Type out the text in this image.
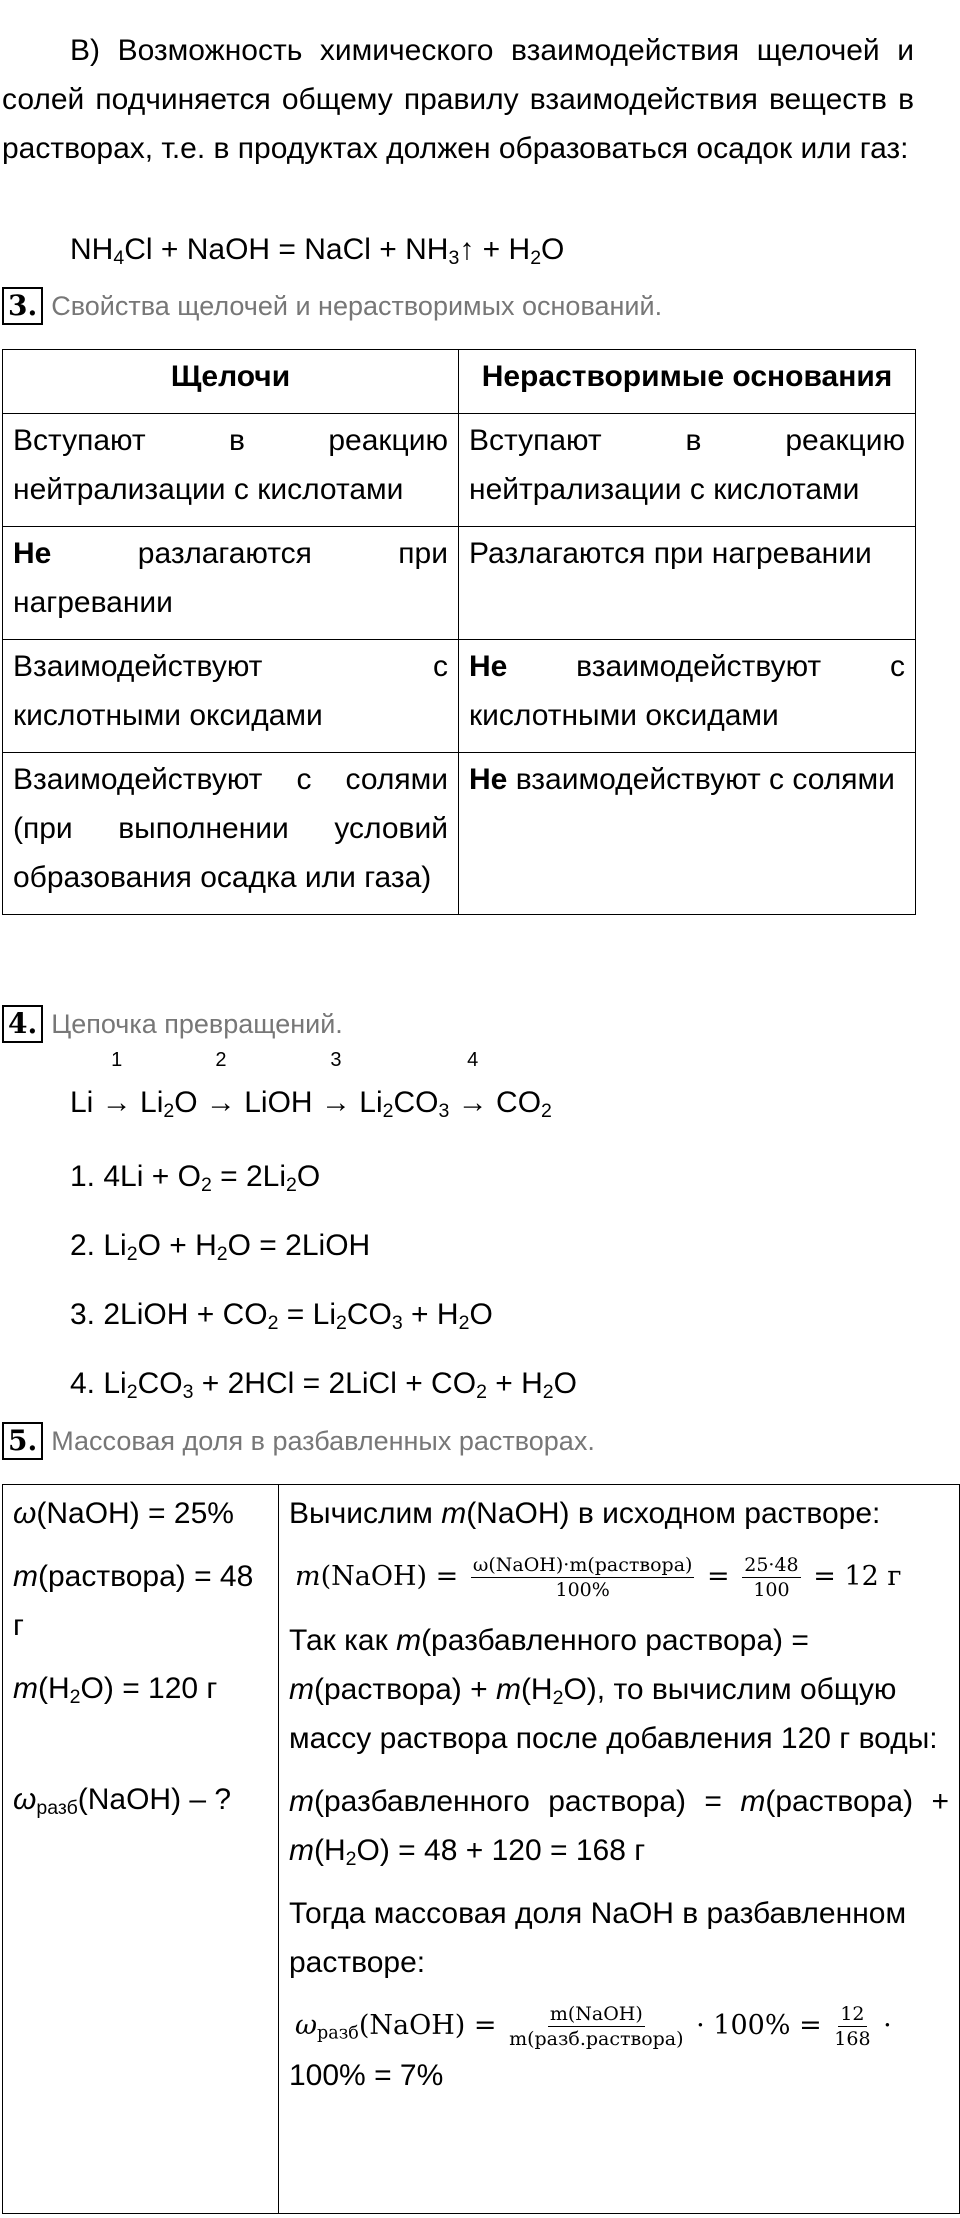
В) Возможность химического взаимодействия щелочей и солей подчиняется общему правилу взаимодействия веществ в растворах, т.е. в продуктах должен образоваться осадок или газ:
$NH_4Cl$ + NaOH = NaCl + $NH_3↑ + H_2O$
3. Свойства щелочей и нерастворимых оснований.
Щелочи	Нерастворимые основания
Вступают в реакцию нейтрализации с кислотами	Вступают в реакцию нейтрализации с кислотами
Не разлагаются при нагревании	Разлагаются при нагревании
Взаимодействуют с кислотными оксидами	Не взаимодействуют с кислотными оксидами
Взаимодействуют с солями (при выполнении условий образования осадка или газа)	Не взаимодействуют с солями
4. Цепочка превращений.
Li
1
→ $Li_2O$
2
→ LiOH
3
→ $Li_2CO_3$
4
→ $CO_2$
1. $4Li + O_2 = 2Li_2O$
2. $Li_2O + H_2O$ = 2LiOH
3. 2LiOH + $CO_2 = Li_2CO_3 + H_2O$
4. $Li_2CO_3 + 2HCl$ = 2LiCl + $CO_2 + H_2O$
5. Массовая доля в разбавленных растворах.

ω(NaOH) = 25%

m(раствора) = 48 г

$m(H_2O) = 120$ г

$\omega_{разб}(NaOH)$ – ?

Вычислим m(NaOH) в исходном растворе:

m(NaOH) = $\frac{\text{ω(NaOH)·m(раствора)}}{100\%} = \frac{25\cdot 48}{100} = 12$ г

Так как m(разбавленного раствора) = m(раствора) + $m(H_2O)$, то вычислим общую массу раствора после добавления 120 г воды:

m(разбавленного раствора) = m(раствора) + $m(H_2O) = 48 + 120 = 168$ г

Тогда массовая доля NaOH в разбавленном растворе:

$\omega_{разб}(NaOH) = \frac{\text{m(NaOH)}}{\text{m(разб.раствора)}} \cdot 100\% = \frac{12}{168}$ ·

100% = 7%
